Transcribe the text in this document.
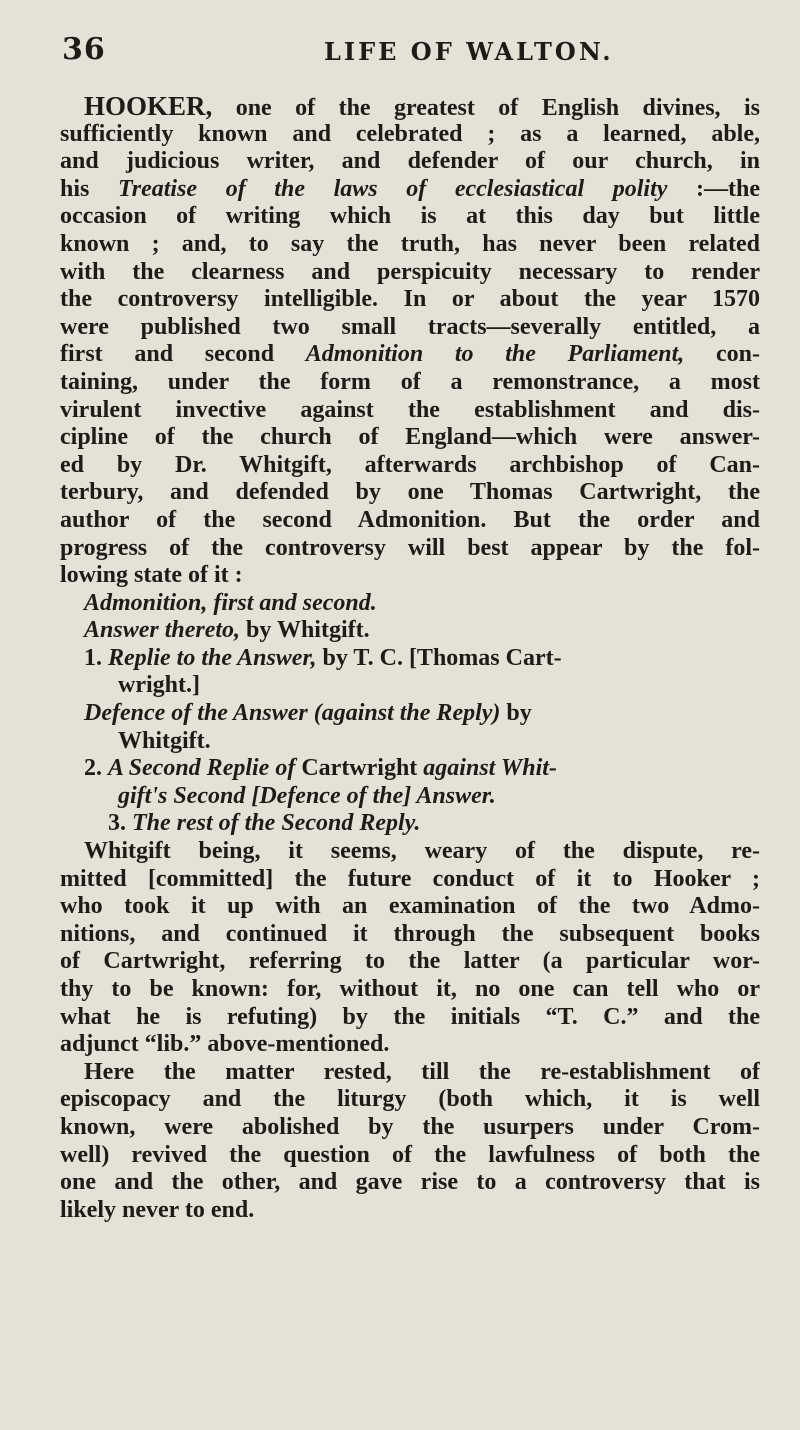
36	LIFE OF WALTON.
HOOKER, one of the greatest of English divines, is
sufficiently known and celebrated ; as a learned, able,
and judicious writer, and defender of our church, in
his Treatise of the laws of ecclesiastical polity :—the
occasion of writing which is at this day but little
known ; and, to say the truth, has never been related
with the clearness and perspicuity necessary to render
the controversy intelligible. In or about the year 1570
were published two small tracts—severally entitled, a
first and second Admonition to the Parliament, con-
taining, under the form of a remonstrance, a most
virulent invective against the establishment and dis-
cipline of the church of England—which were answer-
ed by Dr. Whitgift, afterwards archbishop of Can-
terbury, and defended by one Thomas Cartwright, the
author of the second Admonition. But the order and
progress of the controversy will best appear by the fol-
lowing state of it :
Admonition, first and second.
Answer thereto, by Whitgift.
1. Replie to the Answer, by T. C. [Thomas Cart-
wright.]
Defence of the Answer (against the Reply) by
Whitgift.
2. A Second Replie of Cartwright against Whit-
gift's Second [Defence of the] Answer.
3. The rest of the Second Reply.
Whitgift being, it seems, weary of the dispute, re-
mitted [committed] the future conduct of it to Hooker ;
who took it up with an examination of the two Admo-
nitions, and continued it through the subsequent books
of Cartwright, referring to the latter (a particular wor-
thy to be known: for, without it, no one can tell who or
what he is refuting) by the initials “T. C.” and the
adjunct “lib.” above-mentioned.
Here the matter rested, till the re-establishment of
episcopacy and the liturgy (both which, it is well
known, were abolished by the usurpers under Crom-
well) revived the question of the lawfulness of both the
one and the other, and gave rise to a controversy that is
likely never to end.
